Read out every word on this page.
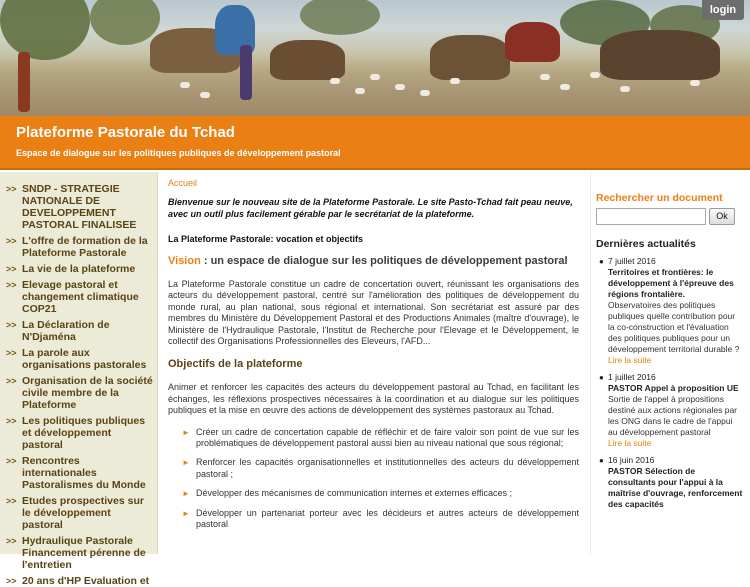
login
Plateforme Pastorale du Tchad
Espace de dialogue sur les politiques publiques de développement pastoral
>> SNDP - STRATEGIE NATIONALE DE DEVELOPPEMENT PASTORAL FINALISEE
>> L'offre de formation de la Plateforme Pastorale
>> La vie de la plateforme
>> Elevage pastoral et changement climatique COP21
>> La Déclaration de N'Djaména
>> La parole aux organisations pastorales
>> Organisation de la société civile membre de la Plateforme
>> Les politiques publiques et développement pastoral
>> Rencontres internationales Pastoralismes du Monde
>> Etudes prospectives sur le développement pastoral
>> Hydraulique Pastorale Financement pérenne de l'entretien
>> 20 ans d'HP Evaluation et
Accueil
Bienvenue sur le nouveau site de la Plateforme Pastorale. Le site Pasto-Tchad fait peau neuve, avec un outil plus facilement gérable par le secrétariat de la plateforme.
La Plateforme Pastorale: vocation et objectifs
Vision : un espace de dialogue sur les politiques de développement pastoral
La Plateforme Pastorale constitue un cadre de concertation ouvert, réunissant les organisations des acteurs du développement pastoral, centré sur l'amélioration des politiques de développement du monde rural, au plan national, sous régional et international. Son secrétariat est assuré par des membres du Ministère du Développement Pastoral et des Productions Animales (maître d'ouvrage), le Ministère de l'Hydraulique Pastorale, l'Institut de Recherche pour l'Elevage et le Développement, le collectif des Organisations Professionnelles des Eleveurs, l'AFD...
Objectifs de la plateforme
Animer et renforcer les capacités des acteurs du développement pastoral au Tchad, en facilitant les échanges, les réflexions prospectives nécessaires à la coordination et au dialogue sur les politiques publiques et la mise en œuvre des actions de développement des systèmes pastoraux au Tchad.
► Créer un cadre de concertation capable de réfléchir et de faire valoir son point de vue sur les problématiques de développement pastoral aussi bien au niveau national que sous régional;
► Renforcer les capacités organisationnelles et institutionnelles des acteurs du développement pastoral ;
► Développer des mécanismes de communication internes et externes efficaces ;
► Développer un partenariat porteur avec les décideurs et autres acteurs de développement pastoral
Rechercher un document
Ok
Dernières actualités
● 7 juillet 2016
Territoires et frontières: le développement à l'épreuve des régions frontalière.
Observatoires des politiques publiques quelle contribution pour la co-construction et l'évaluation des politiques publiques pour un développement territorial durable ?
Lire la suite
● 1 juillet 2016
PASTOR Appel à proposition UE
Sortie de l'appel à propositions destiné aux actions régionales par les ONG dans le cadre de l'appui au développement pastoral
Lire la suite
● 16 juin 2016
PASTOR Sélection de consultants pour l'appui à la maîtrise d'ouvrage, renforcement des capacités
